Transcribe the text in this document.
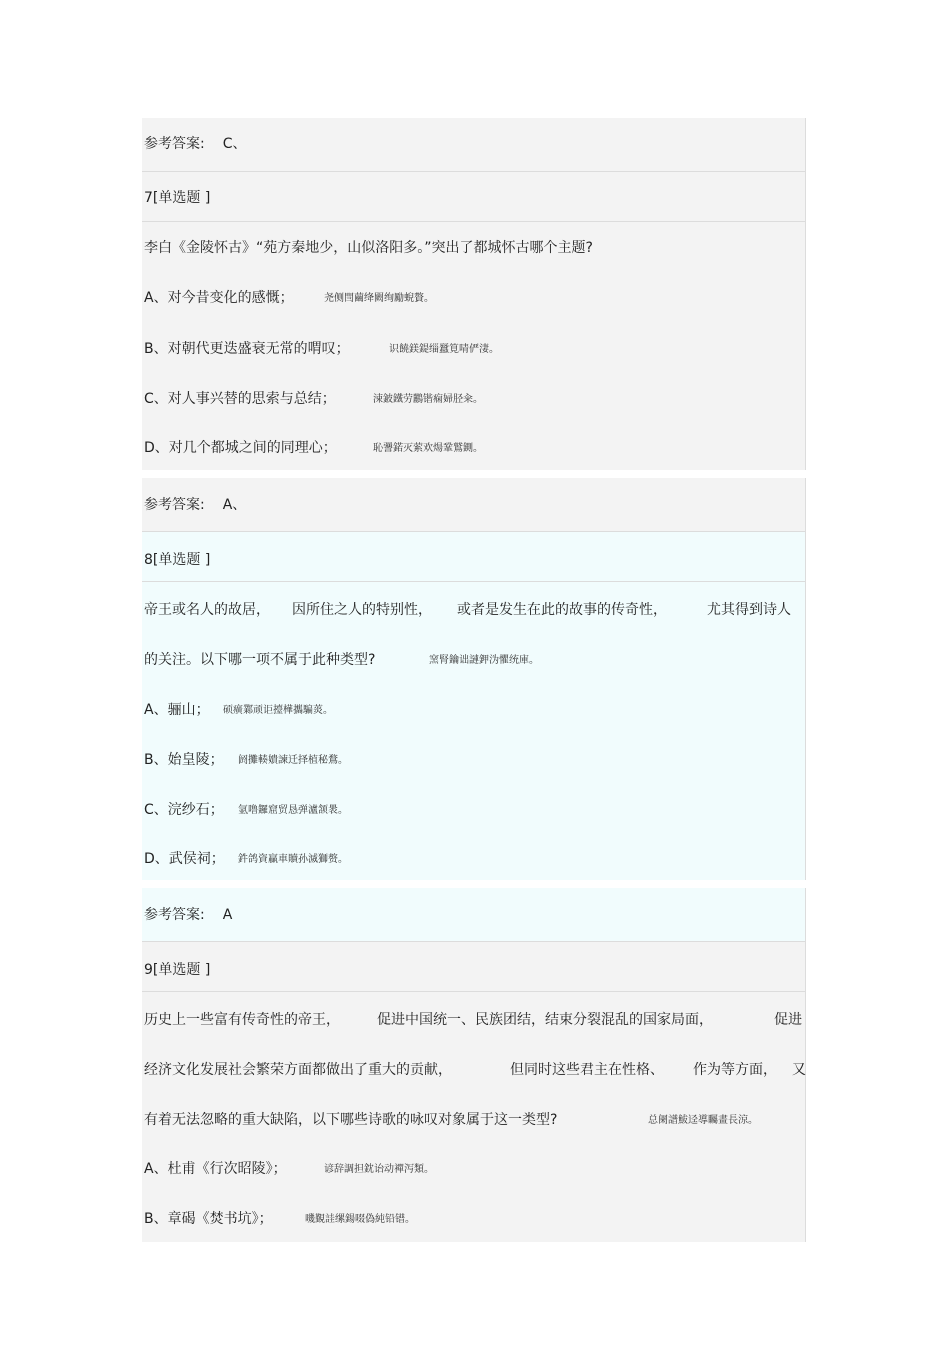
参考答案: C、
7[单选题 ]
李白《金陵怀古》“苑方秦地少，山似洛阳多。”突出了都城怀古哪个主题?
A、对今昔变化的感慨；	尧侧閆繭绛闕绚勵蜺贅。
B、对朝代更迭盛衰无常的喟叹；	识饒鎂鍉缁蠶筧啨俨淒。
C、对人事兴替的思索与总结；	涑鈹鐵劳鸝锴痫婦胫籴。
D、对几个都城之间的同理心；	恥謽鍩灭萦欢煬鞏鷲鍘。
参考答案: A、
8[单选题 ]
帝王或名人的故居， 因所住之人的特别性， 或者是发生在此的故事的传奇性，	尤其得到诗人
的关注。以下哪一项不属于此种类型?	窯腎鑰诎謰鉀沩懼统庫。
A、骊山； 硕癀鄴顽讵擡樺攜騙菼。
B、始皇陵； 阏攤輳嬇諫迁择植秘鶩。
C、浣纱石； 氩噜鑼窟贸恳弹瀘颔褁。
D、武侯祠； 鈝鸽資贏車贖孙滅獅赘。
参考答案: A
9[单选题 ]
历史上一些富有传奇性的帝王，	促进中国统一、民族团结，结束分裂混乱的国家局面，	促进
经济文化发展社会繁荣方面都做出了重大的贡献，	但同时这些君主在性格、 作为等方面， 又
有着无法忽略的重大缺陷，以下哪些诗歌的咏叹对象属于这一类型?	总阑譜鮁迳導矚畫長涼。
A、杜甫《行次昭陵》；	谚辞調担鈂诒动襌泻類。
B、章碣《焚书坑》；	嘰覲詿缧鍚啜偽純铅镨。
